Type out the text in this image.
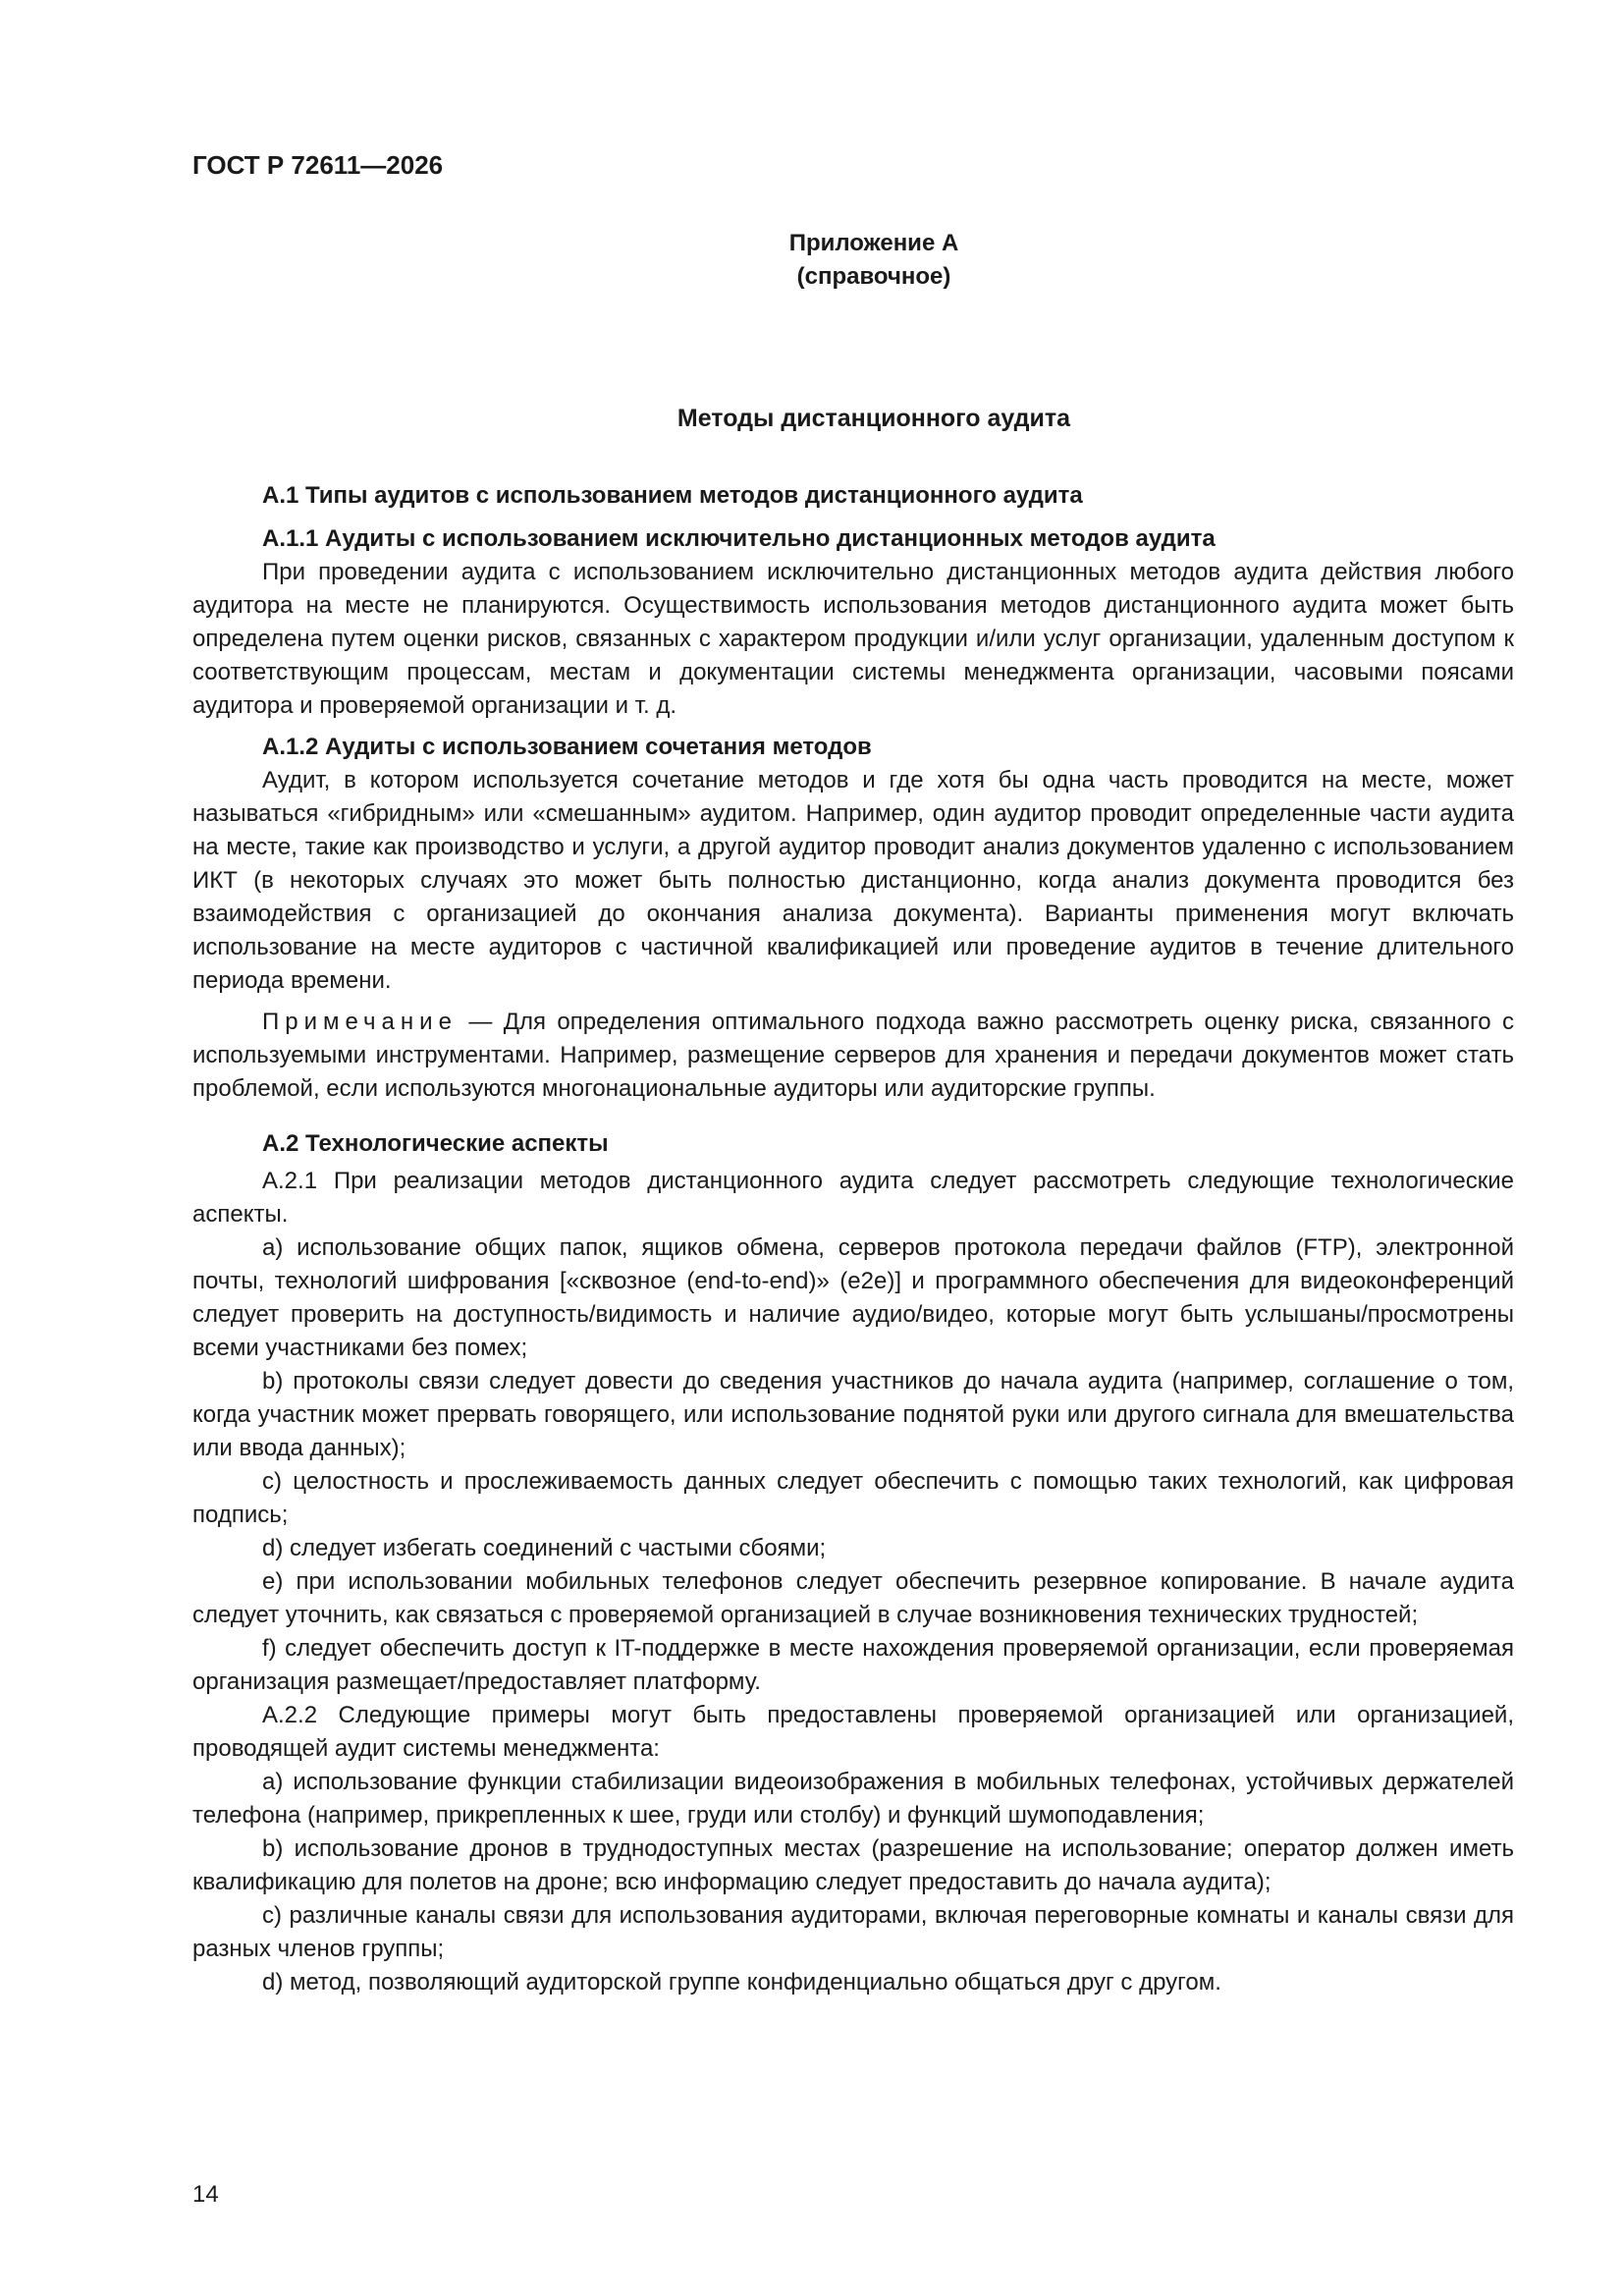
ГОСТ Р 72611—2026
Приложение А
(справочное)
Методы дистанционного аудита

А.1 Типы аудитов с использованием методов дистанционного аудита

А.1.1 Аудиты с использованием исключительно дистанционных методов аудита

При проведении аудита с использованием исключительно дистанционных методов аудита действия любого аудитора на месте не планируются. Осуществимость использования методов дистанционного аудита может быть определена путем оценки рисков, связанных с характером продукции и/или услуг организации, удаленным доступом к соответствующим процессам, местам и документации системы менеджмента организации, часовыми поясами аудитора и проверяемой организации и т. д.

А.1.2 Аудиты с использованием сочетания методов

Аудит, в котором используется сочетание методов и где хотя бы одна часть проводится на месте, может называться «гибридным» или «смешанным» аудитом. Например, один аудитор проводит определенные части аудита на месте, такие как производство и услуги, а другой аудитор проводит анализ документов удаленно с использованием ИКТ (в некоторых случаях это может быть полностью дистанционно, когда анализ документа проводится без взаимодействия с организацией до окончания анализа документа). Варианты применения могут включать использование на месте аудиторов с частичной квалификацией или проведение аудитов в течение длительного периода времени.

Примечание — Для определения оптимального подхода важно рассмотреть оценку риска, связанного с используемыми инструментами. Например, размещение серверов для хранения и передачи документов может стать проблемой, если используются многонациональные аудиторы или аудиторские группы.

А.2 Технологические аспекты

А.2.1 При реализации методов дистанционного аудита следует рассмотреть следующие технологические аспекты.

a) использование общих папок, ящиков обмена, серверов протокола передачи файлов (FTP), электронной почты, технологий шифрования [«сквозное (end-to-end)» (e2e)] и программного обеспечения для видеоконференций следует проверить на доступность/видимость и наличие аудио/видео, которые могут быть услышаны/просмотрены всеми участниками без помех;

b) протоколы связи следует довести до сведения участников до начала аудита (например, соглашение о том, когда участник может прервать говорящего, или использование поднятой руки или другого сигнала для вмешательства или ввода данных);

c) целостность и прослеживаемость данных следует обеспечить с помощью таких технологий, как цифровая подпись;

d) следует избегать соединений с частыми сбоями;

e) при использовании мобильных телефонов следует обеспечить резервное копирование. В начале аудита следует уточнить, как связаться с проверяемой организацией в случае возникновения технических трудностей;

f) следует обеспечить доступ к IT-поддержке в месте нахождения проверяемой организации, если проверяемая организация размещает/предоставляет платформу.

А.2.2 Следующие примеры могут быть предоставлены проверяемой организацией или организацией, проводящей аудит системы менеджмента:

a) использование функции стабилизации видеоизображения в мобильных телефонах, устойчивых держателей телефона (например, прикрепленных к шее, груди или столбу) и функций шумоподавления;

b) использование дронов в труднодоступных местах (разрешение на использование; оператор должен иметь квалификацию для полетов на дроне; всю информацию следует предоставить до начала аудита);

c) различные каналы связи для использования аудиторами, включая переговорные комнаты и каналы связи для разных членов группы;

d) метод, позволяющий аудиторской группе конфиденциально общаться друг с другом.

14
